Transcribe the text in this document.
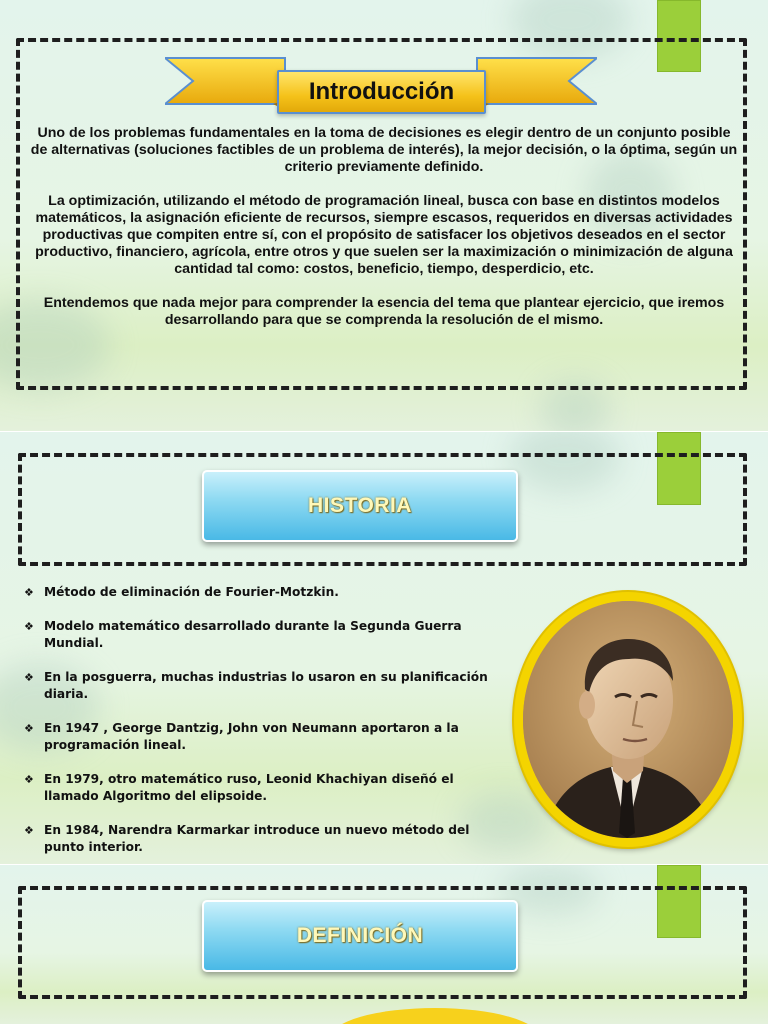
Introducción

Uno de los problemas fundamentales en la toma de decisiones es elegir dentro de un conjunto posible de alternativas (soluciones factibles de un problema de interés), la mejor decisión, o la óptima, según un criterio previamente definido.

La optimización, utilizando el método de programación lineal, busca con base en distintos modelos matemáticos, la asignación eficiente de recursos, siempre escasos, requeridos en diversas actividades productivas que compiten entre sí, con el propósito de satisfacer los objetivos deseados en el sector productivo, financiero, agrícola, entre otros y que suelen ser la maximización o minimización de alguna cantidad tal como: costos, beneficio, tiempo, desperdicio, etc.

Entendemos que nada mejor para comprender la esencia del tema que plantear ejercicio, que iremos desarrollando para que se comprenda la resolución de el mismo.

HISTORIA
❖ Método de eliminación de Fourier-Motzkin.
❖ Modelo matemático desarrollado durante la Segunda Guerra Mundial.
❖ En la posguerra, muchas industrias lo usaron en su planificación diaria.
❖ En 1947 , George Dantzig, John von Neumann aportaron a la programación lineal.
❖ En 1979, otro matemático ruso, Leonid Khachiyan diseñó el llamado Algoritmo del elipsoide.
❖ En 1984, Narendra Karmarkar introduce un nuevo método del punto interior.
DEFINICIÓN
